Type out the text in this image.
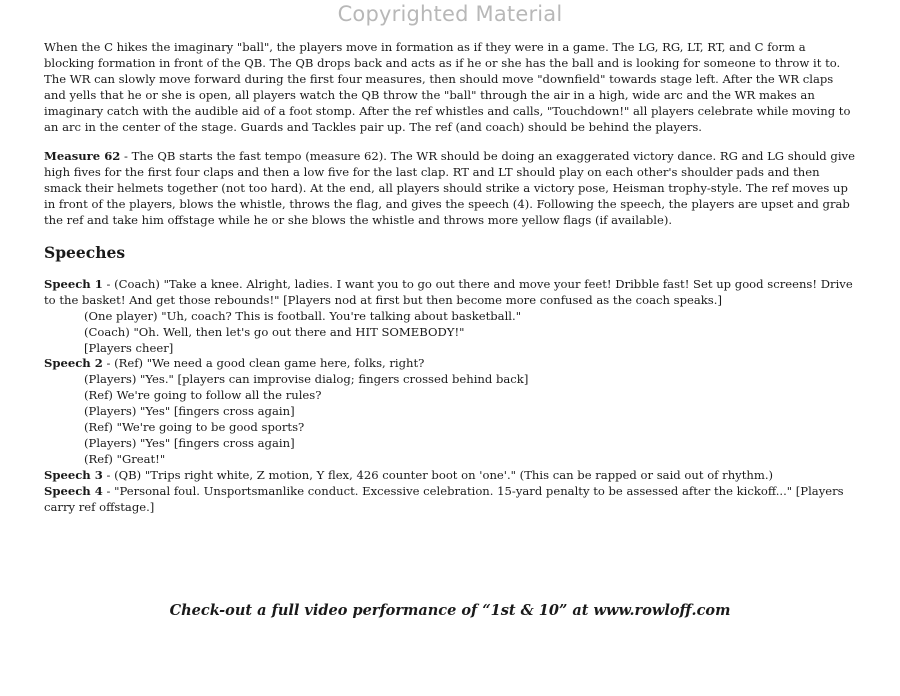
Copyrighted Material

When the C hikes the imaginary "ball", the players move in formation as if they were in a game. The LG, RG, LT, RT, and C form a blocking formation in front of the QB. The QB drops back and acts as if he or she has the ball and is looking for someone to throw it to. The WR can slowly move forward during the first four measures, then should move "downfield" towards stage left. After the WR claps and yells that he or she is open, all players watch the QB throw the "ball" through the air in a high, wide arc and the WR makes an imaginary catch with the audible aid of a foot stomp. After the ref whistles and calls, "Touchdown!" all players celebrate while moving to an arc in the center of the stage. Guards and Tackles pair up. The ref (and coach) should be behind the players.

Measure 62 - The QB starts the fast tempo (measure 62). The WR should be doing an exaggerated victory dance. RG and LG should give high fives for the first four claps and then a low five for the last clap. RT and LT should play on each other's shoulder pads and then smack their helmets together (not too hard). At the end, all players should strike a victory pose, Heisman trophy-style. The ref moves up in front of the players, blows the whistle, throws the flag, and gives the speech (4). Following the speech, the players are upset and grab the ref and take him offstage while he or she blows the whistle and throws more yellow flags (if available).

Speeches

Speech 1 - (Coach) "Take a knee. Alright, ladies. I want you to go out there and move your feet! Dribble fast! Set up good screens! Drive to the basket! And get those rebounds!" [Players nod at first but then become more confused as the coach speaks.]

(One player) "Uh, coach? This is football. You're talking about basketball."

(Coach) "Oh. Well, then let's go out there and HIT SOMEBODY!"

[Players cheer]

Speech 2 - (Ref) "We need a good clean game here, folks, right?

(Players) "Yes." [players can improvise dialog; fingers crossed behind back]

(Ref) We're going to follow all the rules?

(Players) "Yes" [fingers cross again]

(Ref) "We're going to be good sports?

(Players) "Yes" [fingers cross again]

(Ref) "Great!"

Speech 3 - (QB) "Trips right white, Z motion, Y flex, 426 counter boot on 'one'." (This can be rapped or said out of rhythm.)

Speech 4 - "Personal foul. Unsportsmanlike conduct. Excessive celebration. 15-yard penalty to be assessed after the kickoff..." [Players carry ref offstage.]

Check-out a full video performance of “1st & 10” at www.rowloff.com
